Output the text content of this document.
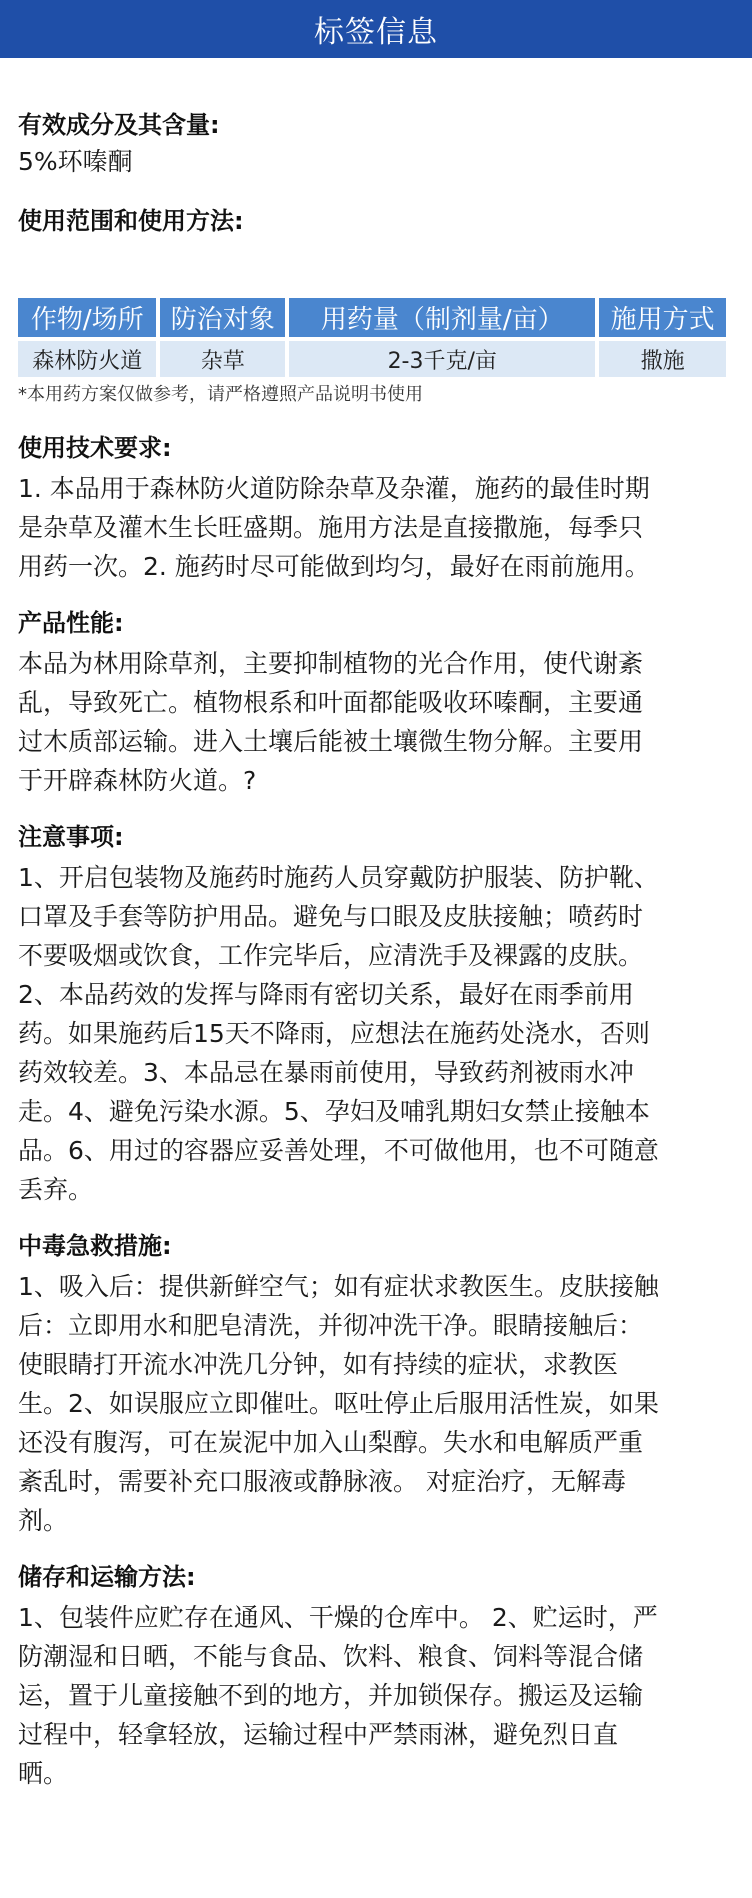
标签信息
有效成分及其含量:
5%环嗪酮
使用范围和使用方法:
作物/场所	防治对象	用药量（制剂量/亩）	施用方式
森林防火道	杂草	2-3千克/亩	撒施
*本用药方案仅做参考，请严格遵照产品说明书使用
使用技术要求:
1. 本品用于森林防火道防除杂草及杂灌，施药的最佳时期
是杂草及灌木生长旺盛期。施用方法是直接撒施，每季只
用药一次。2. 施药时尽可能做到均匀，最好在雨前施用。
产品性能:
本品为林用除草剂，主要抑制植物的光合作用，使代谢紊
乱，导致死亡。植物根系和叶面都能吸收环嗪酮，主要通
过木质部运输。进入土壤后能被土壤微生物分解。主要用
于开辟森林防火道。?
注意事项:
1、开启包装物及施药时施药人员穿戴防护服装、防护靴、
口罩及手套等防护用品。避免与口眼及皮肤接触；喷药时
不要吸烟或饮食，工作完毕后，应清洗手及裸露的皮肤。
2、本品药效的发挥与降雨有密切关系，最好在雨季前用
药。如果施药后15天不降雨，应想法在施药处浇水，否则
药效较差。3、本品忌在暴雨前使用，导致药剂被雨水冲
走。4、避免污染水源。5、孕妇及哺乳期妇女禁止接触本
品。6、用过的容器应妥善处理，不可做他用，也不可随意
丢弃。
中毒急救措施:
1、吸入后：提供新鲜空气；如有症状求教医生。皮肤接触
后：立即用水和肥皂清洗，并彻冲洗干净。眼睛接触后：
使眼睛打开流水冲洗几分钟，如有持续的症状，求教医
生。2、如误服应立即催吐。呕吐停止后服用活性炭，如果
还没有腹泻，可在炭泥中加入山梨醇。失水和电解质严重
紊乱时，需要补充口服液或静脉液。 对症治疗，无解毒
剂。
储存和运输方法:
1、包装件应贮存在通风、干燥的仓库中。 2、贮运时，严
防潮湿和日晒，不能与食品、饮料、粮食、饲料等混合储
运，置于儿童接触不到的地方，并加锁保存。搬运及运输
过程中，轻拿轻放，运输过程中严禁雨淋，避免烈日直
晒。
